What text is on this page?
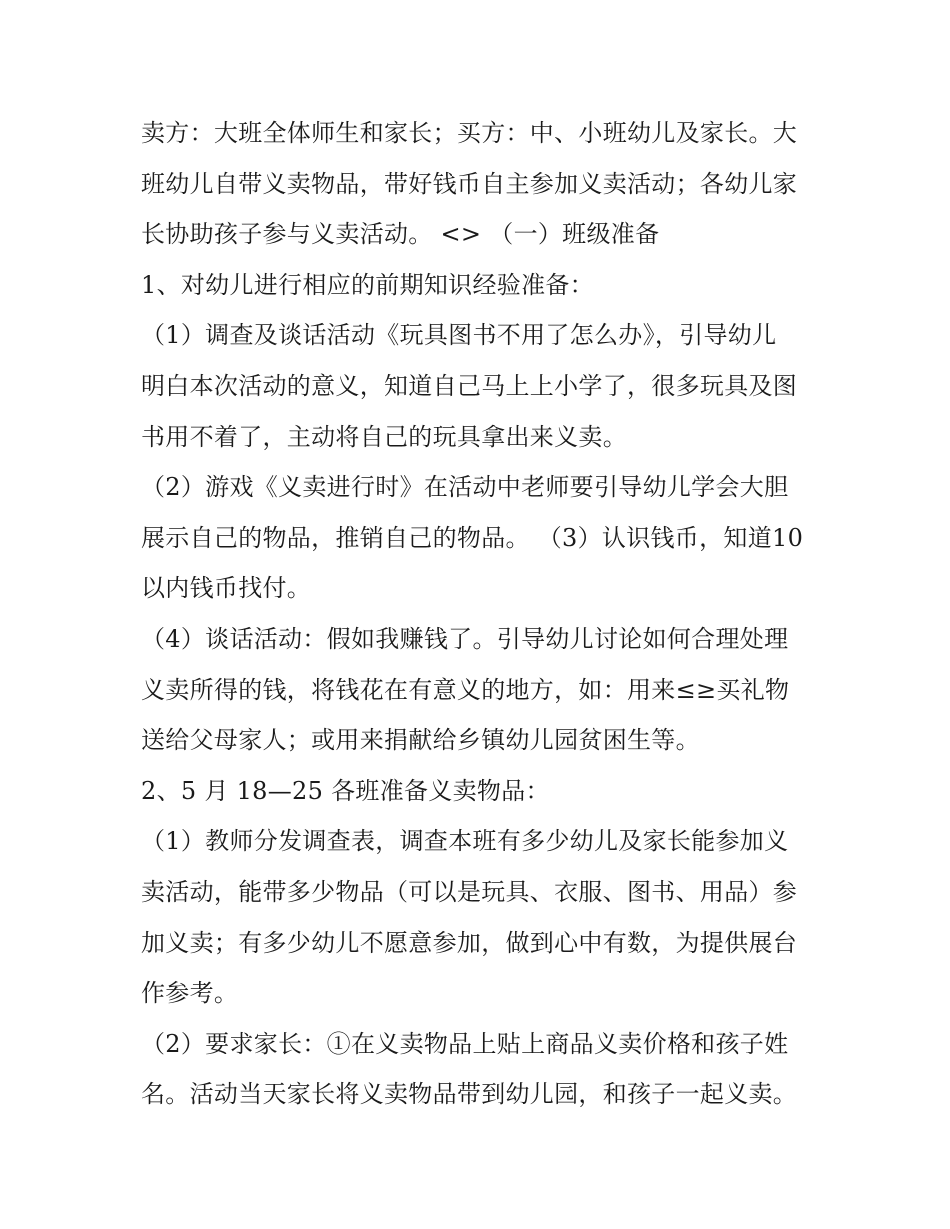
卖方：大班全体师生和家长；买方：中、小班幼儿及家长。大
班幼儿自带义卖物品，带好钱币自主参加义卖活动；各幼儿家
长协助孩子参与义卖活动。 <> （一）班级准备
1、对幼儿进行相应的前期知识经验准备：
（1）调查及谈话活动《玩具图书不用了怎么办》，引导幼儿
明白本次活动的意义，知道自己马上上小学了，很多玩具及图
书用不着了，主动将自己的玩具拿出来义卖。
（2）游戏《义卖进行时》在活动中老师要引导幼儿学会大胆
展示自己的物品，推销自己的物品。 （3）认识钱币，知道10
以内钱币找付。
（4）谈话活动：假如我赚钱了。引导幼儿讨论如何合理处理
义卖所得的钱，将钱花在有意义的地方，如：用来≤≥买礼物
送给父母家人；或用来捐献给乡镇幼儿园贫困生等。
2、5 月 18—25 各班准备义卖物品：
（1）教师分发调查表，调查本班有多少幼儿及家长能参加义
卖活动，能带多少物品（可以是玩具、衣服、图书、用品）参
加义卖；有多少幼儿不愿意参加，做到心中有数，为提供展台
作参考。
（2）要求家长：①在义卖物品上贴上商品义卖价格和孩子姓
名。活动当天家长将义卖物品带到幼儿园，和孩子一起义卖。
